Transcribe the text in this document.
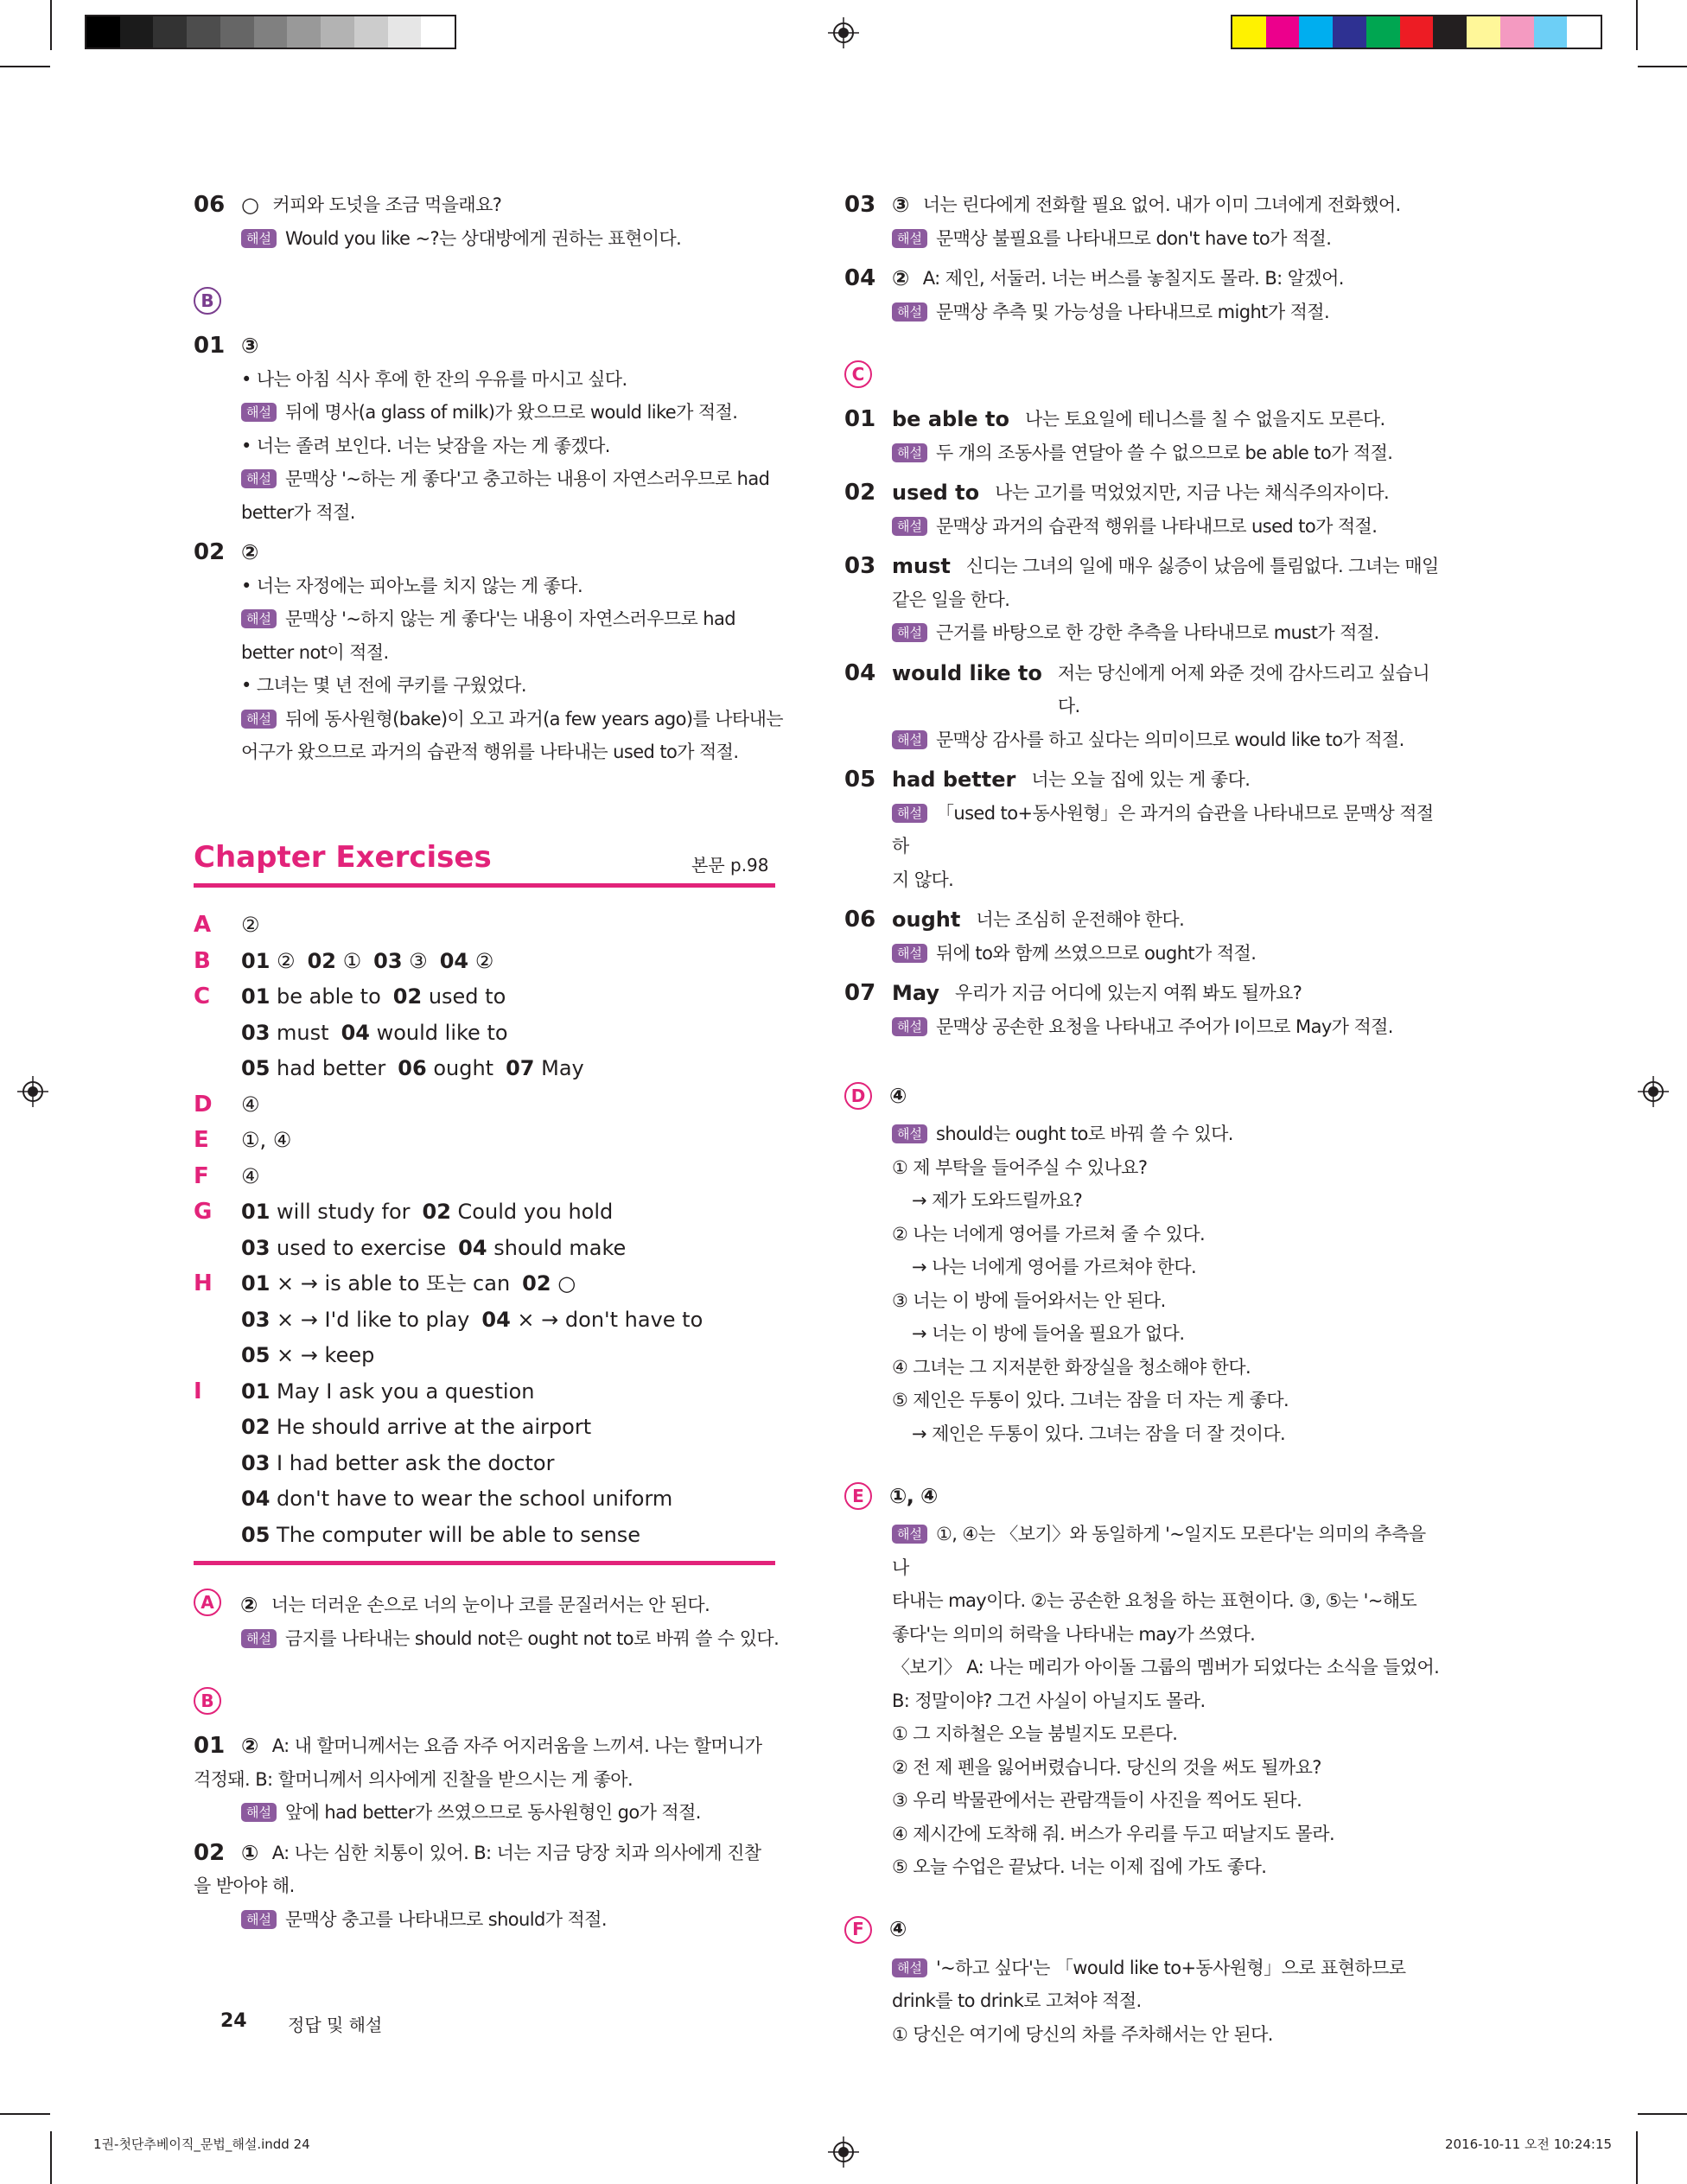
06 ○ 커피와 도넛을 조금 먹을래요?
해설 Would you like ~?는 상대방에게 권하는 표현이다.
B
01 ③
• 나는 아침 식사 후에 한 잔의 우유를 마시고 싶다.
해설 뒤에 명사(a glass of milk)가 왔으므로 would like가 적절.
• 너는 졸려 보인다. 너는 낮잠을 자는 게 좋겠다.
해설 문맥상 '~하는 게 좋다'고 충고하는 내용이 자연스러우므로 had
better가 적절.
02 ②
• 너는 자정에는 피아노를 치지 않는 게 좋다.
해설 문맥상 '~하지 않는 게 좋다'는 내용이 자연스러우므로 had
better not이 적절.
• 그녀는 몇 년 전에 쿠키를 구웠었다.
해설 뒤에 동사원형(bake)이 오고 과거(a few years ago)를 나타내는
어구가 왔으므로 과거의 습관적 행위를 나타내는 used to가 적절.
Chapter Exercises	본문 p.98
A	②
B	01 ② 02 ① 03 ③ 04 ②
C	01 be able to 02 used to
03 must 04 would like to
05 had better 06 ought 07 May
D	④
E	①, ④
F	④
G	01 will study for 02 Could you hold
03 used to exercise 04 should make
H	01 × → is able to 또는 can 02 ○
03 × → I'd like to play 04 × → don't have to
05 × → keep
I	01 May I ask you a question
02 He should arrive at the airport
03 I had better ask the doctor
04 don't have to wear the school uniform
05 The computer will be able to sense
A	② 너는 더러운 손으로 너의 눈이나 코를 문질러서는 안 된다.
해설 금지를 나타내는 should not은 ought not to로 바꿔 쓸 수 있다.
B
01 ② A: 내 할머니께서는 요즘 자주 어지러움을 느끼셔. 나는 할머니가
걱정돼. B: 할머니께서 의사에게 진찰을 받으시는 게 좋아.
해설 앞에 had better가 쓰였으므로 동사원형인 go가 적절.
02 ① A: 나는 심한 치통이 있어. B: 너는 지금 당장 치과 의사에게 진찰
을 받아야 해.
해설 문맥상 충고를 나타내므로 should가 적절.
03 ③ 너는 린다에게 전화할 필요 없어. 내가 이미 그녀에게 전화했어.
해설 문맥상 불필요를 나타내므로 don't have to가 적절.
04 ② A: 제인, 서둘러. 너는 버스를 놓칠지도 몰라. B: 알겠어.
해설 문맥상 추측 및 가능성을 나타내므로 might가 적절.
C
01 be able to 나는 토요일에 테니스를 칠 수 없을지도 모른다.
해설 두 개의 조동사를 연달아 쓸 수 없으므로 be able to가 적절.
02 used to 나는 고기를 먹었었지만, 지금 나는 채식주의자이다.
해설 문맥상 과거의 습관적 행위를 나타내므로 used to가 적절.
03 must 신디는 그녀의 일에 매우 싫증이 났음에 틀림없다. 그녀는 매일
같은 일을 한다.
해설 근거를 바탕으로 한 강한 추측을 나타내므로 must가 적절.
04 would like to 저는 당신에게 어제 와준 것에 감사드리고 싶습니다.
해설 문맥상 감사를 하고 싶다는 의미이므로 would like to가 적절.
05 had better 너는 오늘 집에 있는 게 좋다.
해설 「used to+동사원형」은 과거의 습관을 나타내므로 문맥상 적절하
지 않다.
06 ought 너는 조심히 운전해야 한다.
해설 뒤에 to와 함께 쓰였으므로 ought가 적절.
07 May 우리가 지금 어디에 있는지 여쭤 봐도 될까요?
해설 문맥상 공손한 요청을 나타내고 주어가 I이므로 May가 적절.
D	④
해설 should는 ought to로 바꿔 쓸 수 있다.
① 제 부탁을 들어주실 수 있나요?
→ 제가 도와드릴까요?
② 나는 너에게 영어를 가르쳐 줄 수 있다.
→ 나는 너에게 영어를 가르쳐야 한다.
③ 너는 이 방에 들어와서는 안 된다.
→ 너는 이 방에 들어올 필요가 없다.
④ 그녀는 그 지저분한 화장실을 청소해야 한다.
⑤ 제인은 두통이 있다. 그녀는 잠을 더 자는 게 좋다.
→ 제인은 두통이 있다. 그녀는 잠을 더 잘 것이다.
E	①, ④
해설 ①, ④는 〈보기〉와 동일하게 '~일지도 모른다'는 의미의 추측을 나
타내는 may이다. ②는 공손한 요청을 하는 표현이다. ③, ⑤는 '~해도
좋다'는 의미의 허락을 나타내는 may가 쓰였다.
〈보기〉 A: 나는 메리가 아이돌 그룹의 멤버가 되었다는 소식을 들었어.
B: 정말이야? 그건 사실이 아닐지도 몰라.
① 그 지하철은 오늘 붐빌지도 모른다.
② 전 제 펜을 잃어버렸습니다. 당신의 것을 써도 될까요?
③ 우리 박물관에서는 관람객들이 사진을 찍어도 된다.
④ 제시간에 도착해 줘. 버스가 우리를 두고 떠날지도 몰라.
⑤ 오늘 수업은 끝났다. 너는 이제 집에 가도 좋다.
F	④
해설 '~하고 싶다'는 「would like to+동사원형」으로 표현하므로
drink를 to drink로 고쳐야 적절.
① 당신은 여기에 당신의 차를 주차해서는 안 된다.
24 정답 및 해설
1권-첫단추베이직_문법_해설.indd 24	2016-10-11 오전 10:24:15
